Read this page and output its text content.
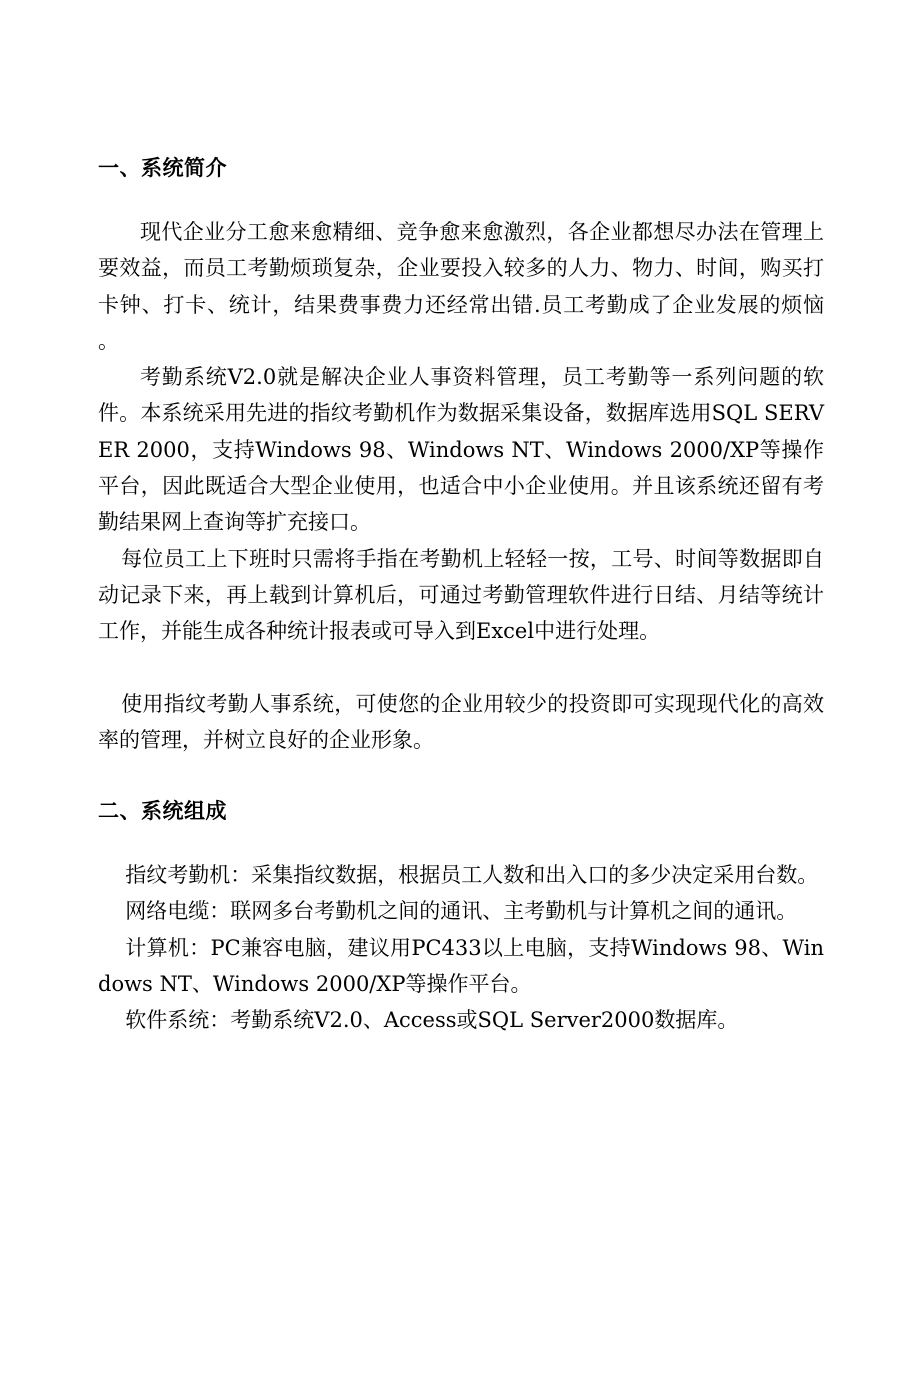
一、系统简介

现代企业分工愈来愈精细、竞争愈来愈激烈，各企业都想尽办法在管理上要效益，而员工考勤烦琐复杂，企业要投入较多的人力、物力、时间，购买打卡钟、打卡、统计，结果费事费力还经常出错.员工考勤成了企业发展的烦恼 。

考勤系统V2.0就是解决企业人事资料管理，员工考勤等一系列问题的软件。本系统采用先进的指纹考勤机作为数据采集设备，数据库选用SQL SERVER 2000，支持Windows 98、Windows NT、Windows 2000/XP等操作平台，因此既适合大型企业使用，也适合中小企业使用。并且该系统还留有考勤结果网上查询等扩充接口。

每位员工上下班时只需将手指在考勤机上轻轻一按，工号、时间等数据即自动记录下来，再上载到计算机后，可通过考勤管理软件进行日结、月结等统计工作，并能生成各种统计报表或可导入到Excel中进行处理。

使用指纹考勤人事系统，可使您的企业用较少的投资即可实现现代化的高效率的管理，并树立良好的企业形象。

二、系统组成

指纹考勤机：采集指纹数据，根据员工人数和出入口的多少决定采用台数。

网络电缆：联网多台考勤机之间的通讯、主考勤机与计算机之间的通讯。

计算机：PC兼容电脑，建议用PC433以上电脑，支持Windows 98、Windows NT、Windows 2000/XP等操作平台。

软件系统：考勤系统V2.0、Access或SQL Server2000数据库。
